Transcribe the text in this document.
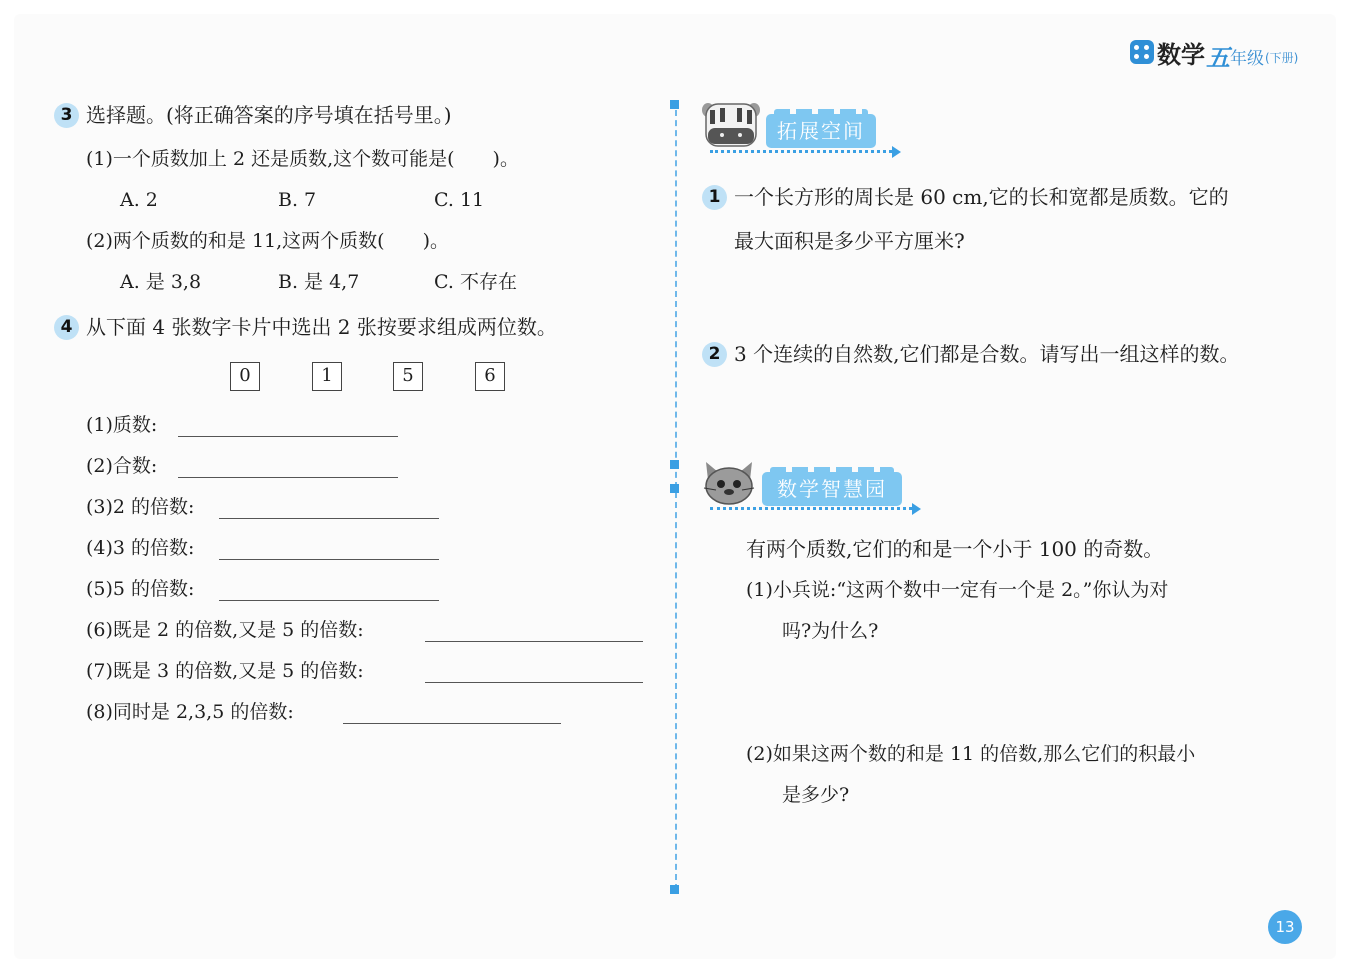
数学 五 年级 (下册)
3 选择题。(将正确答案的序号填在括号里。)
(1)一个质数加上 2 还是质数,这个数可能是(　　)。
A. 2	B. 7	C. 11
(2)两个质数的和是 11,这两个质数(　　)。
A. 是 3,8	B. 是 4,7	C. 不存在
4 从下面 4 张数字卡片中选出 2 张按要求组成两位数。
0	1	5	6
(1)质数:
(2)合数:
(3)2 的倍数:
(4)3 的倍数:
(5)5 的倍数:
(6)既是 2 的倍数,又是 5 的倍数:
(7)既是 3 的倍数,又是 5 的倍数:
(8)同时是 2,3,5 的倍数:
拓展空间
1 一个长方形的周长是 60 cm,它的长和宽都是质数。它的
最大面积是多少平方厘米?
2 3 个连续的自然数,它们都是合数。请写出一组这样的数。
数学智慧园
有两个质数,它们的和是一个小于 100 的奇数。
(1)小兵说:“这两个数中一定有一个是 2。”你认为对
吗?为什么?
(2)如果这两个数的和是 11 的倍数,那么它们的积最小
是多少?
13
